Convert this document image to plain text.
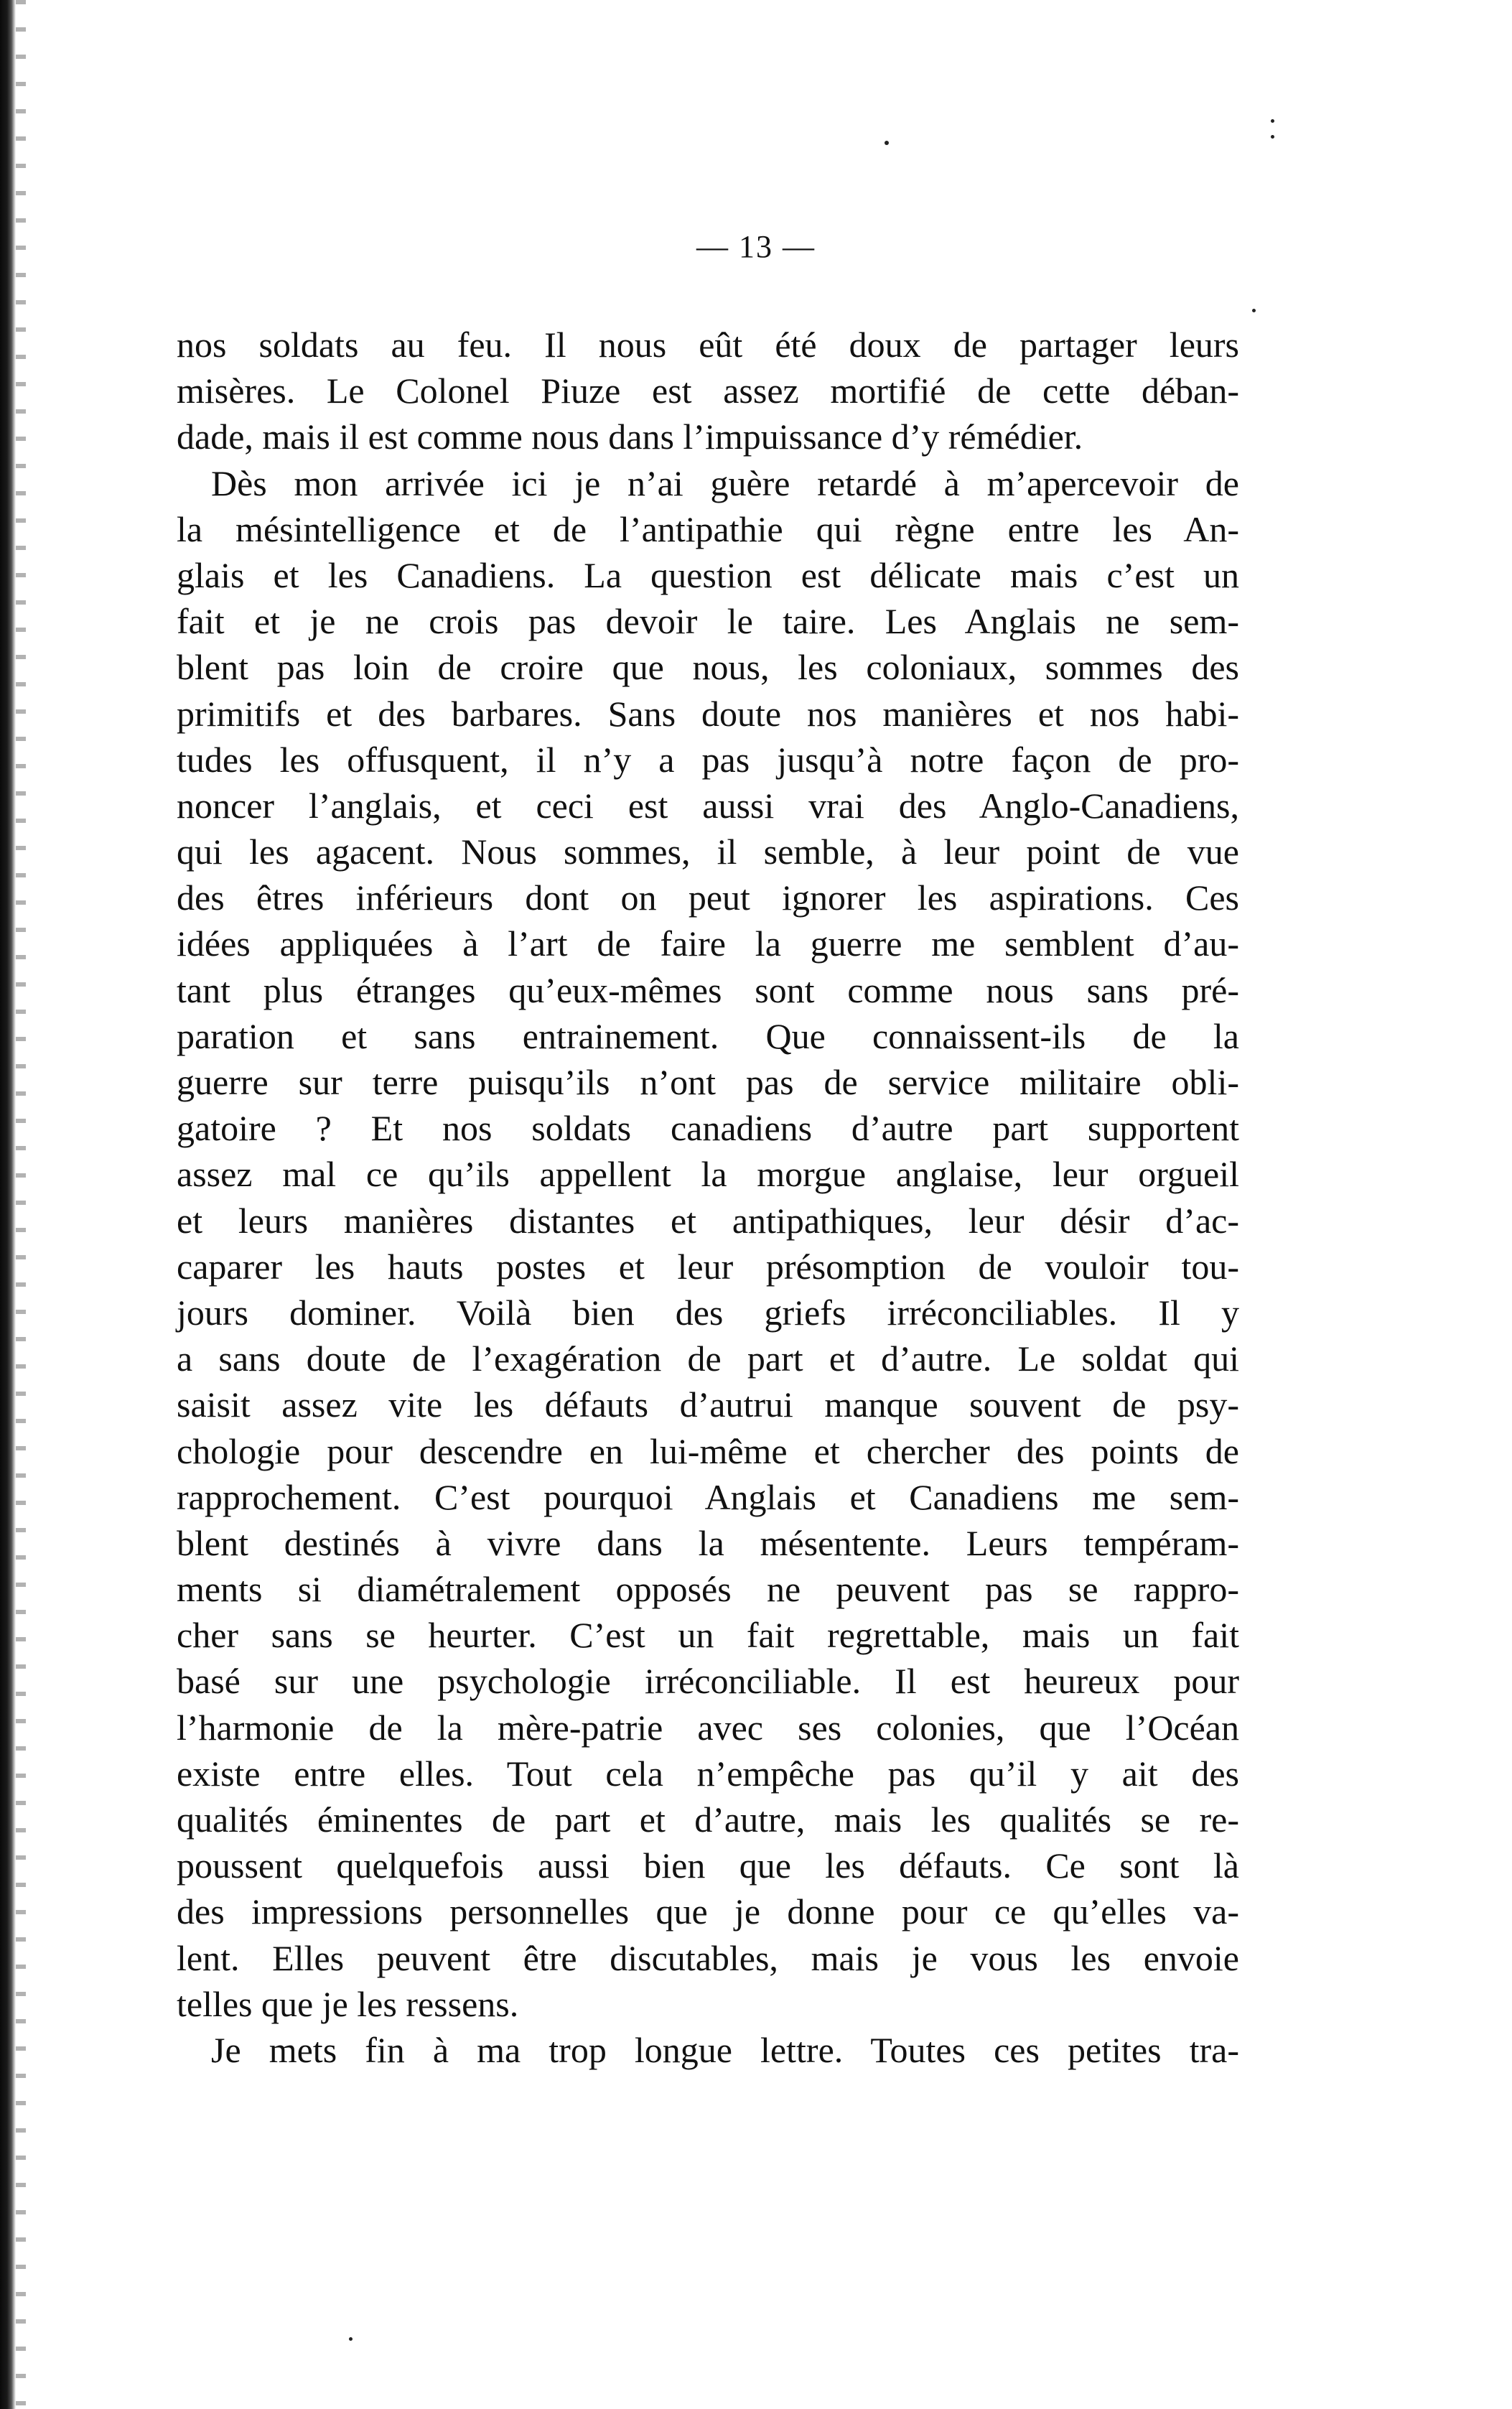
— 13 —
nos soldats au feu. Il nous eût été doux de partager leurs
misères. Le Colonel Piuze est assez mortifié de cette déban-
dade, mais il est comme nous dans l’impuissance d’y rémédier.
Dès mon arrivée ici je n’ai guère retardé à m’apercevoir de
la mésintelligence et de l’antipathie qui règne entre les An-
glais et les Canadiens. La question est délicate mais c’est un
fait et je ne crois pas devoir le taire. Les Anglais ne sem-
blent pas loin de croire que nous, les coloniaux, sommes des
primitifs et des barbares. Sans doute nos manières et nos habi-
tudes les offusquent, il n’y a pas jusqu’à notre façon de pro-
noncer l’anglais, et ceci est aussi vrai des Anglo-Canadiens,
qui les agacent. Nous sommes, il semble, à leur point de vue
des êtres inférieurs dont on peut ignorer les aspirations. Ces
idées appliquées à l’art de faire la guerre me semblent d’au-
tant plus étranges qu’eux-mêmes sont comme nous sans pré-
paration et sans entrainement. Que connaissent-ils de la
guerre sur terre puisqu’ils n’ont pas de service militaire obli-
gatoire ? Et nos soldats canadiens d’autre part supportent
assez mal ce qu’ils appellent la morgue anglaise, leur orgueil
et leurs manières distantes et antipathiques, leur désir d’ac-
caparer les hauts postes et leur présomption de vouloir tou-
jours dominer. Voilà bien des griefs irréconciliables. Il y
a sans doute de l’exagération de part et d’autre. Le soldat qui
saisit assez vite les défauts d’autrui manque souvent de psy-
chologie pour descendre en lui-même et chercher des points de
rapprochement. C’est pourquoi Anglais et Canadiens me sem-
blent destinés à vivre dans la mésentente. Leurs tempéram-
ments si diamétralement opposés ne peuvent pas se rappro-
cher sans se heurter. C’est un fait regrettable, mais un fait
basé sur une psychologie irréconciliable. Il est heureux pour
l’harmonie de la mère-patrie avec ses colonies, que l’Océan
existe entre elles. Tout cela n’empêche pas qu’il y ait des
qualités éminentes de part et d’autre, mais les qualités se re-
poussent quelquefois aussi bien que les défauts. Ce sont là
des impressions personnelles que je donne pour ce qu’elles va-
lent. Elles peuvent être discutables, mais je vous les envoie
telles que je les ressens.
Je mets fin à ma trop longue lettre. Toutes ces petites tra-
